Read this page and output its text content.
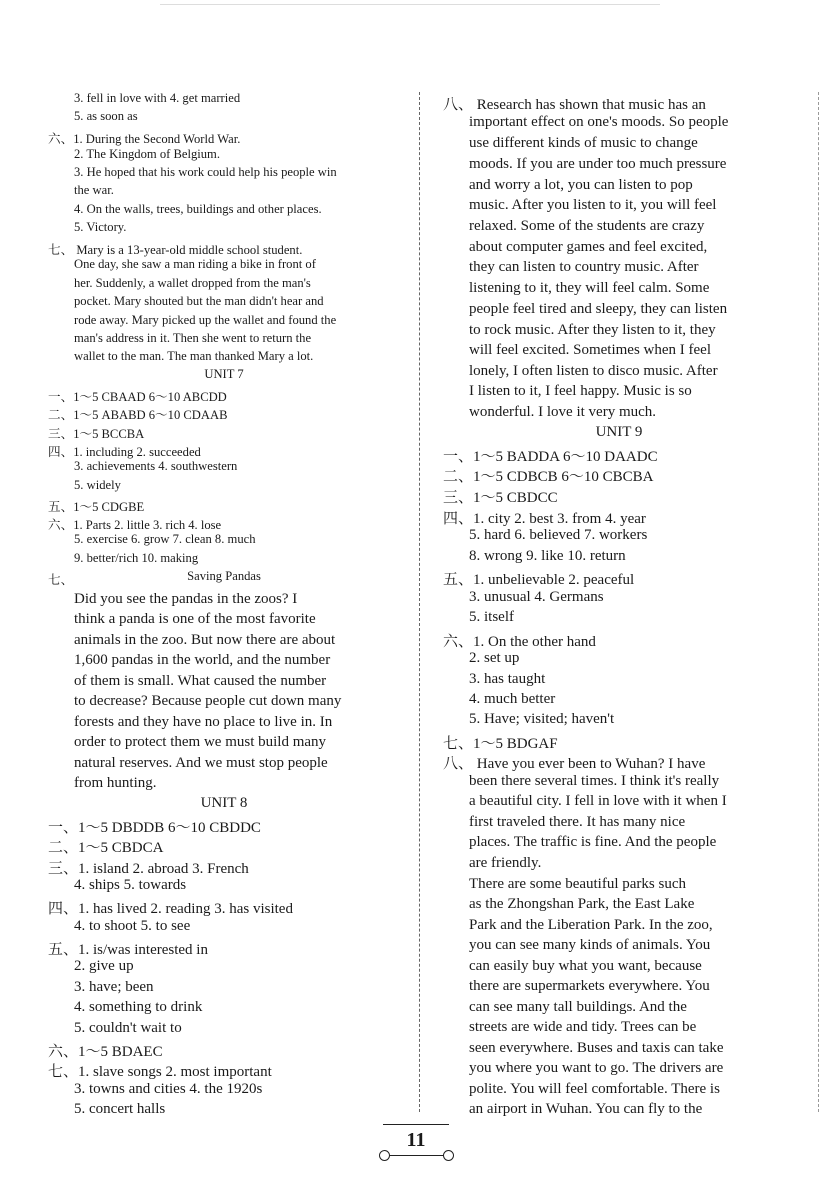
3. fell in love with 4. get married
5. as soon as
六、1. During the Second World War.
2. The Kingdom of Belgium.
3. He hoped that his work could help his people win
the war.
4. On the walls, trees, buildings and other places.
5. Victory.
七、 Mary is a 13-year-old middle school student.
One day, she saw a man riding a bike in front of
her. Suddenly, a wallet dropped from the man's
pocket. Mary shouted but the man didn't hear and
rode away. Mary picked up the wallet and found the
man's address in it. Then she went to return the
wallet to the man. The man thanked Mary a lot.
UNIT 7
一、1～5 CBAAD 6～10 ABCDD
二、1～5 ABABD 6～10 CDAAB
三、1～5 BCCBA
四、1. including 2. succeeded
3. achievements 4. southwestern
5. widely
五、1～5 CDGBE
六、1. Parts 2. little 3. rich 4. lose
5. exercise 6. grow 7. clean 8. much
9. better/rich 10. making
七、	Saving Pandas
Did you see the pandas in the zoos? I
think a panda is one of the most favorite
animals in the zoo. But now there are about
1,600 pandas in the world, and the number
of them is small. What caused the number
to decrease? Because people cut down many
forests and they have no place to live in. In
order to protect them we must build many
natural reserves. And we must stop people
from hunting.
UNIT 8
一、1～5 DBDDB 6～10 CBDDC
二、1～5 CBDCA
三、1. island 2. abroad 3. French
4. ships 5. towards
四、1. has lived 2. reading 3. has visited
4. to shoot 5. to see
五、1. is/was interested in
2. give up
3. have; been
4. something to drink
5. couldn't wait to
六、1～5 BDAEC
七、1. slave songs 2. most important
3. towns and cities 4. the 1920s
5. concert halls
八、 Research has shown that music has an
important effect on one's moods. So people
use different kinds of music to change
moods. If you are under too much pressure
and worry a lot, you can listen to pop
music. After you listen to it, you will feel
relaxed. Some of the students are crazy
about computer games and feel excited,
they can listen to country music. After
listening to it, they will feel calm. Some
people feel tired and sleepy, they can listen
to rock music. After they listen to it, they
will feel excited. Sometimes when I feel
lonely, I often listen to disco music. After
I listen to it, I feel happy. Music is so
wonderful. I love it very much.
UNIT 9
一、1～5 BADDA 6～10 DAADC
二、1～5 CDBCB 6～10 CBCBA
三、1～5 CBDCC
四、1. city 2. best 3. from 4. year
5. hard 6. believed 7. workers
8. wrong 9. like 10. return
五、1. unbelievable 2. peaceful
3. unusual 4. Germans
5. itself
六、1. On the other hand
2. set up
3. has taught
4. much better
5. Have; visited; haven't
七、1～5 BDGAF
八、 Have you ever been to Wuhan? I have
been there several times. I think it's really
a beautiful city. I fell in love with it when I
first traveled there. It has many nice
places. The traffic is fine. And the people
are friendly.
There are some beautiful parks such
as the Zhongshan Park, the East Lake
Park and the Liberation Park. In the zoo,
you can see many kinds of animals. You
can easily buy what you want, because
there are supermarkets everywhere. You
can see many tall buildings. And the
streets are wide and tidy. Trees can be
seen everywhere. Buses and taxis can take
you where you want to go. The drivers are
polite. You will feel comfortable. There is
an airport in Wuhan. You can fly to the
11
